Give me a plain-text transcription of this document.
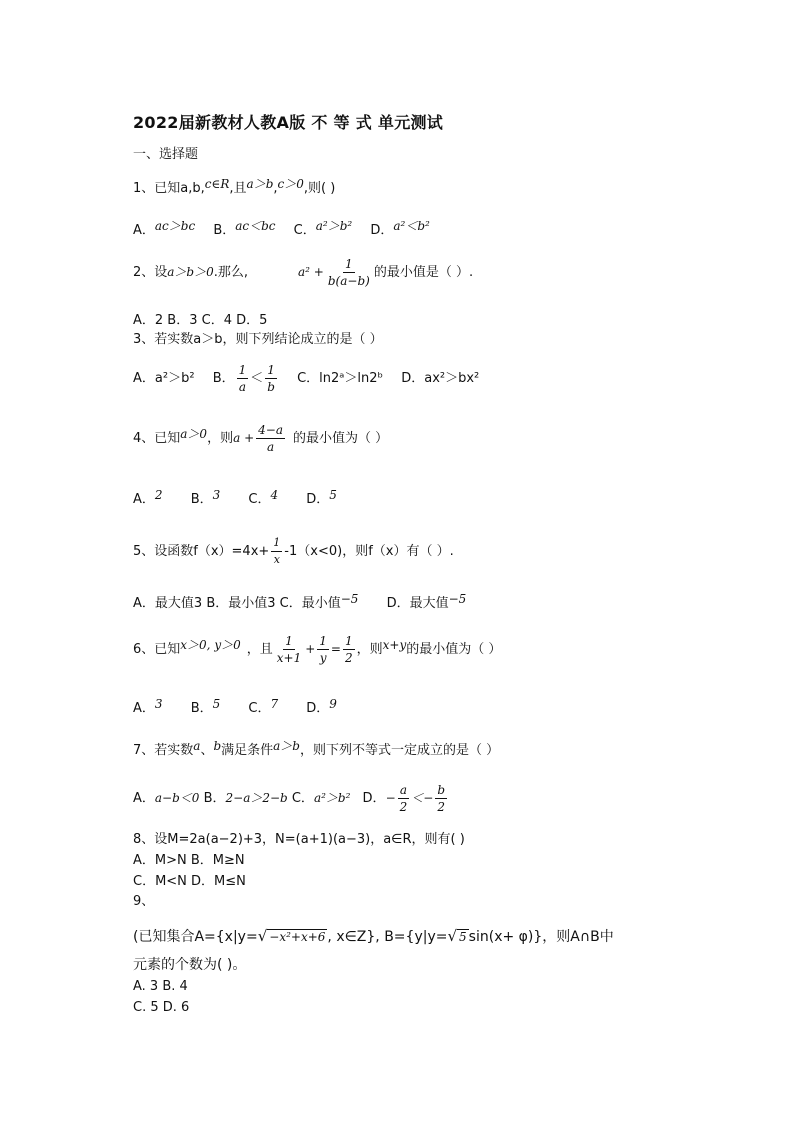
2022届新教材人教A版 不 等 式 单元测试
一、选择题
1、已知a,b,c∈R,且a＞b,c＞0,则( )
A．ac＞bc B．ac＜bc C．a²＞b² D．a²＜b²
2、设a＞b＞0.那么,	$a^2 + \frac{1}{b(a-b)}$ 的最小值是（ ）.
A．2 B．3 C．4 D．5
3、若实数a＞b，则下列结论成立的是（ ）
A．a²＞b² B． $\frac{1}{a} < \frac{1}{b}$ C．ln2ᵃ＞ln2ᵇ D．ax²＞bx²
4、已知a＞0，则$a + \frac{4-a}{a}$ 的最小值为（ ）
A．2 B．3 C．4 D．5
5、设函数$f(x)=4x+ \frac{1}{x} -1(x<0)$，则f（x）有（ ）.
A．最大值3 B．最小值3 C．最小值−5 D．最大值−5
6、已知x＞0, y＞0 ，且 $\frac{1}{x+1} + \frac{1}{y} = \frac{1}{2}$ ，则x+y的最小值为（ ）
A．3 B．5 C．7 D．9
7、若实数a、b满足条件a＞b，则下列不等式一定成立的是（ ）
A．a−b＜0 B．2−a＞2−b C．a²＞b² D．− $\frac{a}{2} <- \frac{b}{2}$
8、设M=2a(a−2)+3，N=(a+1)(a−3)，a∈R，则有( )
A．M>N B．M≥N
C．M<N D．M≤N
9、
(已知集合A={x|y=√ −x²+x+6 , x∈Z}, B={y|y=√ 5 sin(x+ φ)}，则A∩B中
元素的个数为( )。
A. 3 B. 4
C. 5 D. 6
